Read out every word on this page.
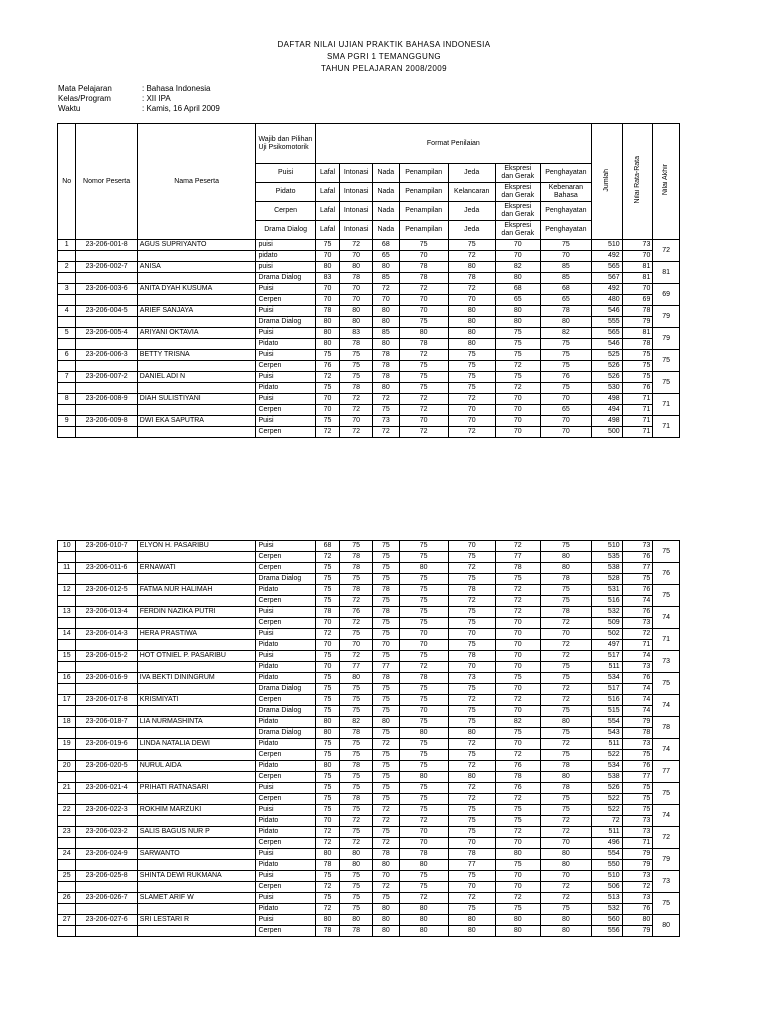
DAFTAR NILAI UJIAN PRAKTIK BAHASA INDONESIA
SMA PGRI 1 TEMANGGUNG
TAHUN PELAJARAN 2008/2009
Mata Pelajaran	: Bahasa Indonesia
Kelas/Program	: XII IPA
Waktu	: Kamis, 16 April 2009
No	Nomor Peserta	Nama Peserta	Wajib dan Pilihan Uji Psikomotorik	Format Penilaian							Jumlah	Nilai Rata-Rata	Nilai Akhir
			Puisi	Lafal	Intonasi	Nada	Penampilan	Jeda	Ekspresi dan Gerak	Penghayatan			
			Pidato	Lafal	Intonasi	Nada	Penampilan	Kelancaran	Ekspresi dan Gerak	Kebenaran Bahasa			
			Cerpen	Lafal	Intonasi	Nada	Penampilan	Jeda	Ekspresi dan Gerak	Penghayatan			
			Drama Dialog	Lafal	Intonasi	Nada	Penampilan	Jeda	Ekspresi dan Gerak	Penghayatan			
1	23-206-001-8	AGUS SUPRIYANTO	puisi	75	72	68	75	75	70	75	510	73	72
			pidato	70	70	65	70	72	70	70	492	70	
2	23-206-002-7	ANISA	puisi	80	80	80	78	80	82	85	565	81	81
			Drama Dialog	83	78	85	78	78	80	85	567	81	
3	23-206-003-6	ANITA DYAH KUSUMA	Puisi	70	70	72	72	72	68	68	492	70	69
			Cerpen	70	70	70	70	70	65	65	480	69	
4	23-206-004-5	ARIEF SANJAYA	Puisi	78	80	80	70	80	80	78	546	78	79
			Drama Dialog	80	80	80	75	80	80	80	555	79	
5	23-206-005-4	ARIYANI OKTAVIA	Puisi	80	83	85	80	80	75	82	565	81	79
			Pidato	80	78	80	78	80	75	75	546	78	
6	23-206-006-3	BETTY TRISNA	Puisi	75	75	78	72	75	75	75	525	75	75
			Cerpen	76	75	78	75	75	72	75	526	75	
7	23-206-007-2	DANIEL ADI N	Puisi	72	75	78	75	75	75	76	526	75	75
			Pidato	75	78	80	75	75	72	75	530	76	
8	23-206-008-9	DIAH SULISTIYANI	Puisi	70	72	72	72	72	70	70	498	71	71
			Cerpen	70	72	75	72	70	70	65	494	71	
9	23-206-009-8	DWI EKA SAPUTRA	Puisi	75	70	73	70	70	70	70	498	71	71
			Cerpen	72	72	72	72	72	70	70	500	71	
10	23-206-010-7	ELYON H. PASARIBU	Puisi	68	75	75	75	70	72	75	510	73	75
			Cerpen	72	78	75	75	75	77	80	535	76	
11	23-206-011-6	ERNAWATI	Cerpen	75	78	75	80	72	78	80	538	77	76
			Drama Dialog	75	75	75	75	75	75	78	528	75	
12	23-206-012-5	FATMA NUR HALIMAH	Pidato	75	78	78	75	78	72	75	531	76	75
			Cerpen	75	72	75	75	72	72	75	516	74	
13	23-206-013-4	FERDIN NAZIKA PUTRI	Puisi	78	76	78	75	75	72	78	532	76	74
			Cerpen	70	72	75	75	75	70	72	509	73	
14	23-206-014-3	HERA PRASTIWA	Puisi	72	75	75	70	70	70	70	502	72	71
			Pidato	70	70	70	70	75	70	72	497	71	
15	23-206-015-2	HOT OTNIEL P. PASARIBU	Puisi	75	72	75	75	78	70	72	517	74	73
			Pidato	70	77	77	72	70	70	75	511	73	
16	23-206-016-9	IVA BEKTI DININGRUM	Pidato	75	80	78	78	73	75	75	534	76	75
			Drama Dialog	75	75	75	75	75	70	72	517	74	
17	23-206-017-8	KRISMIYATI	Cerpen	75	75	75	75	72	72	72	516	74	74
			Drama Dialog	75	75	75	70	75	70	75	515	74	
18	23-206-018-7	LIA NURMASHINTA	Pidato	80	82	80	75	75	82	80	554	79	78
			Drama Dialog	80	78	75	80	80	75	75	543	78	
19	23-206-019-6	LINDA NATALIA DEWI	Pidato	75	75	72	75	72	70	72	511	73	74
			Cerpen	75	75	75	75	75	72	75	522	75	
20	23-206-020-5	NURUL AIDA	Pidato	80	78	75	75	72	76	78	534	76	77
			Cerpen	75	75	75	80	80	78	80	538	77	
21	23-206-021-4	PRIHATI RATNASARI	Puisi	75	75	75	75	72	76	78	526	75	75
			Cerpen	75	78	75	75	72	72	75	522	75	
22	23-206-022-3	ROKHIM MARZUKI	Puisi	75	75	72	75	75	75	75	522	75	74
			Pidato	70	72	72	72	75	75	72	72	73	
23	23-206-023-2	SALIS BAGUS NUR P	Pidato	72	75	75	70	75	72	72	511	73	72
			Cerpen	72	72	72	70	70	70	70	496	71	
24	23-206-024-9	SARWANTO	Puisi	80	80	78	78	78	80	80	554	79	79
			Pidato	78	80	80	80	77	75	80	550	79	
25	23-206-025-8	SHINTA DEWI RUKMANA	Puisi	75	75	70	75	75	70	70	510	73	73
			Cerpen	72	75	72	75	70	70	72	506	72	
26	23-206-026-7	SLAMET ARIF W	Puisi	75	75	75	72	72	72	72	513	73	75
			Pidato	72	75	80	80	75	75	75	532	76	
27	23-206-027-6	SRI LESTARI R	Puisi	80	80	80	80	80	80	80	560	80	80
			Cerpen	78	78	80	80	80	80	80	556	79	
